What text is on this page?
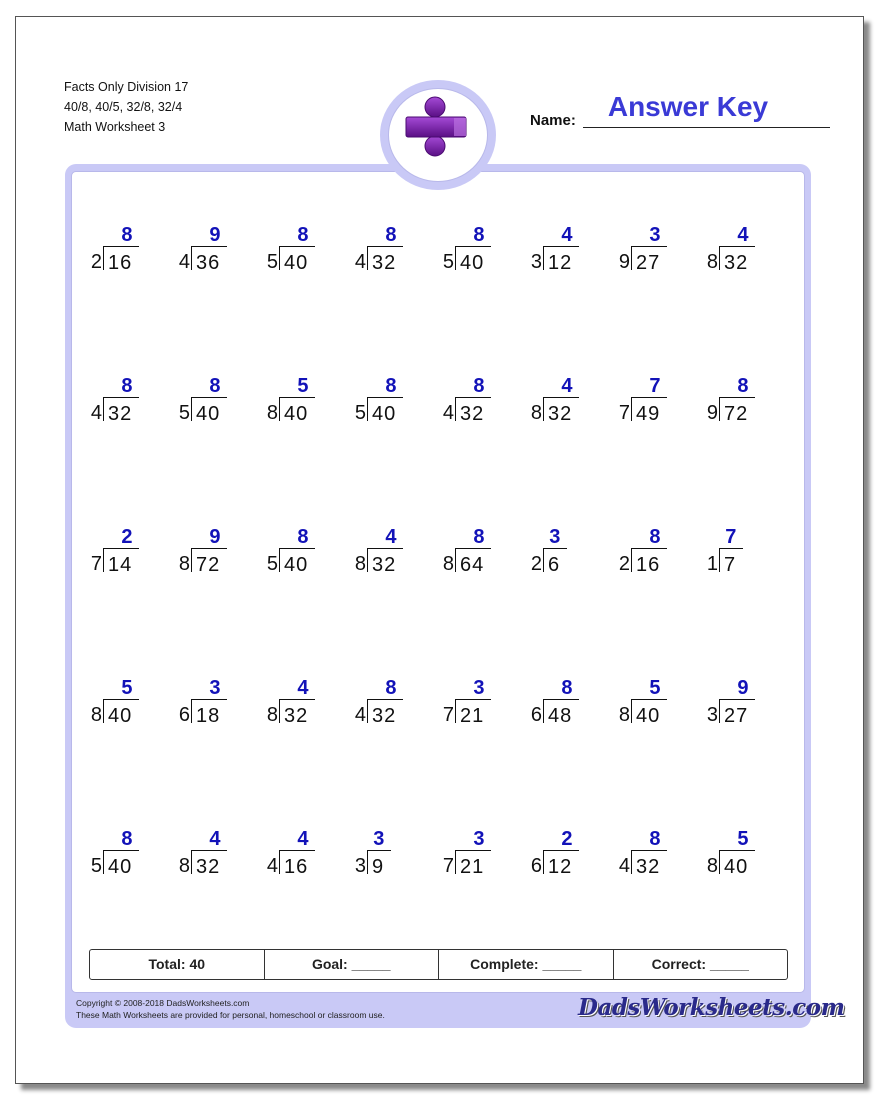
Facts Only Division 17
40/8, 40/5, 32/8, 32/4
Math Worksheet 3	Name:	Answer Key
8
2 16
9
4 36
8
5 40
8
4 32
8
5 40
4
3 12
3
9 27
4
8 32
8
4 32
8
5 40
5
8 40
8
5 40
8
4 32
4
8 32
7
7 49
8
9 72
2
7 14
9
8 72
8
5 40
4
8 32
8
8 64
3
2 6
8
2 16
7
1 7
5
8 40
3
6 18
4
8 32
8
4 32
3
7 21
8
6 48
5
8 40
9
3 27
8
5 40
4
8 32
4
4 16
3
3 9
3
7 21
2
6 12
8
4 32
5
8 40
Total: 40	Goal: _____	Complete: _____	Correct: _____
Copyright © 2008-2018 DadsWorksheets.com
These Math Worksheets are provided for personal, homeschool or classroom use.	DadsWorksheets.com
